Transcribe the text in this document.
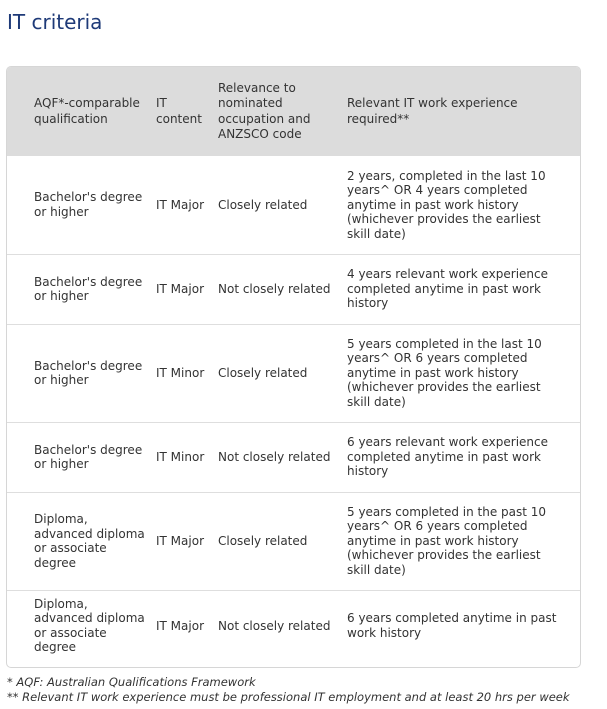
IT criteria
AQF*-comparable qualification	IT content	Relevance to nominated occupation and ANZSCO code	Relevant IT work experience required**
Bachelor's degree or higher	IT Major	Closely related	2 years, completed in the last 10 years^ OR 4 years completed anytime in past work history (whichever provides the earliest skill date)
Bachelor's degree or higher	IT Major	Not closely related	4 years relevant work experience completed anytime in past work history
Bachelor's degree or higher	IT Minor	Closely related	5 years completed in the last 10 years^ OR 6 years completed anytime in past work history (whichever provides the earliest skill date)
Bachelor's degree or higher	IT Minor	Not closely related	6 years relevant work experience completed anytime in past work history
Diploma, advanced diploma or associate degree	IT Major	Closely related	5 years completed in the past 10 years^ OR 6 years completed anytime in past work history (whichever provides the earliest skill date)
Diploma, advanced diploma or associate degree	IT Major	Not closely related	6 years completed anytime in past work history

* AQF: Australian Qualifications Framework

** Relevant IT work experience must be professional IT employment and at least 20 hrs per week
